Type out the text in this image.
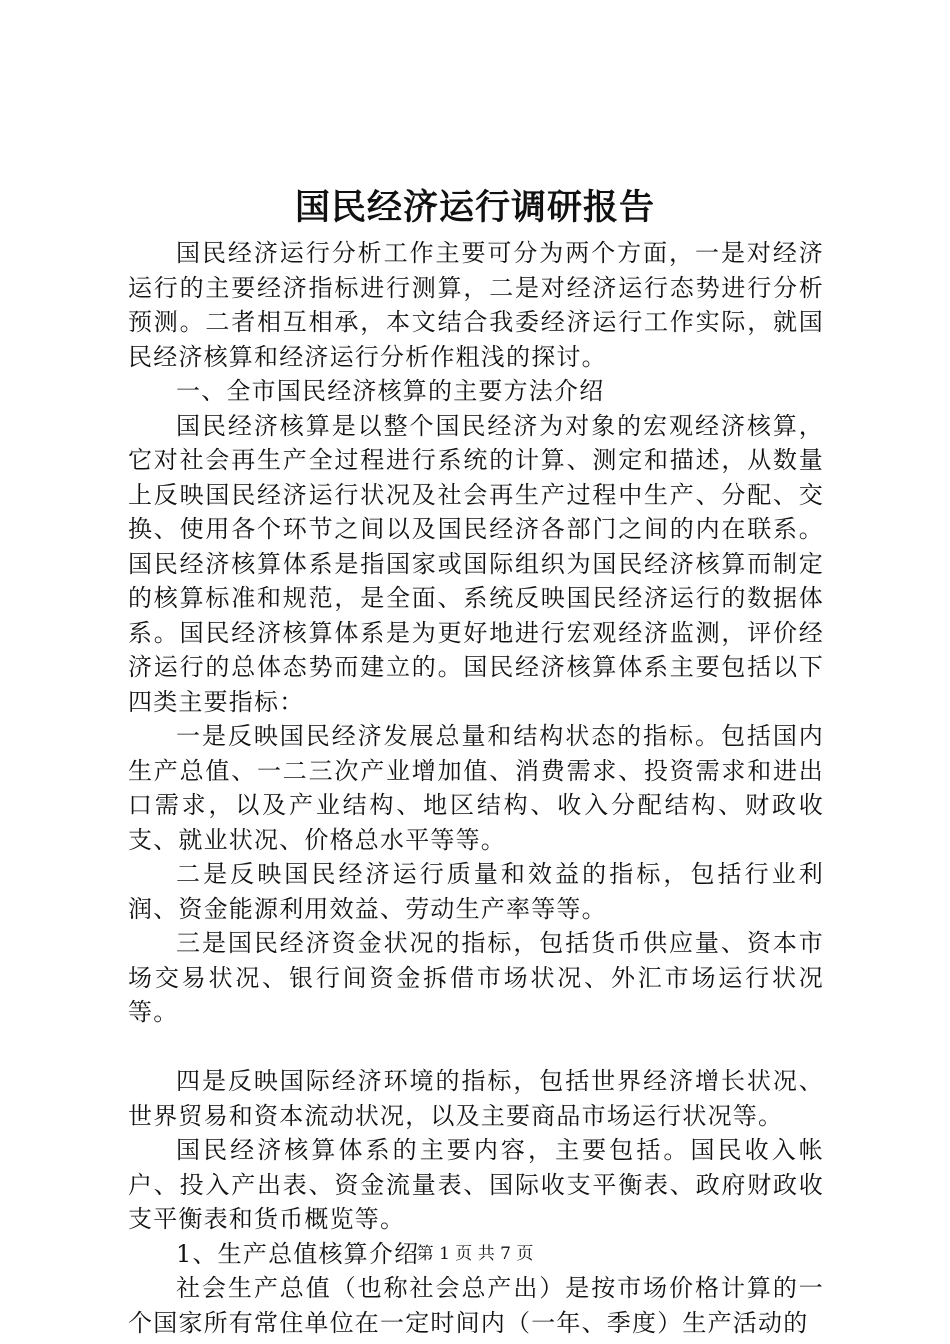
国民经济运行调研报告

国民经济运行分析工作主要可分为两个方面，一是对经济运行的主要经济指标进行测算，二是对经济运行态势进行分析预测。二者相互相承，本文结合我委经济运行工作实际，就国民经济核算和经济运行分析作粗浅的探讨。

一、全市国民经济核算的主要方法介绍

国民经济核算是以整个国民经济为对象的宏观经济核算，它对社会再生产全过程进行系统的计算、测定和描述，从数量上反映国民经济运行状况及社会再生产过程中生产、分配、交换、使用各个环节之间以及国民经济各部门之间的内在联系。国民经济核算体系是指国家或国际组织为国民经济核算而制定的核算标准和规范，是全面、系统反映国民经济运行的数据体系。国民经济核算体系是为更好地进行宏观经济监测，评价经济运行的总体态势而建立的。国民经济核算体系主要包括以下四类主要指标：

一是反映国民经济发展总量和结构状态的指标。包括国内生产总值、一二三次产业增加值、消费需求、投资需求和进出口需求，以及产业结构、地区结构、收入分配结构、财政收支、就业状况、价格总水平等等。

二是反映国民经济运行质量和效益的指标，包括行业利润、资金能源利用效益、劳动生产率等等。

三是国民经济资金状况的指标，包括货币供应量、资本市场交易状况、银行间资金拆借市场状况、外汇市场运行状况等。

四是反映国际经济环境的指标，包括世界经济增长状况、世界贸易和资本流动状况，以及主要商品市场运行状况等。

国民经济核算体系的主要内容，主要包括。国民收入帐户、投入产出表、资金流量表、国际收支平衡表、政府财政收支平衡表和货币概览等。

1、生产总值核算介绍

社会生产总值（也称社会总产出）是按市场价格计算的一个国家所有常住单位在一定时间内（一年、季度）生产活动的

第 1 页 共 7 页
